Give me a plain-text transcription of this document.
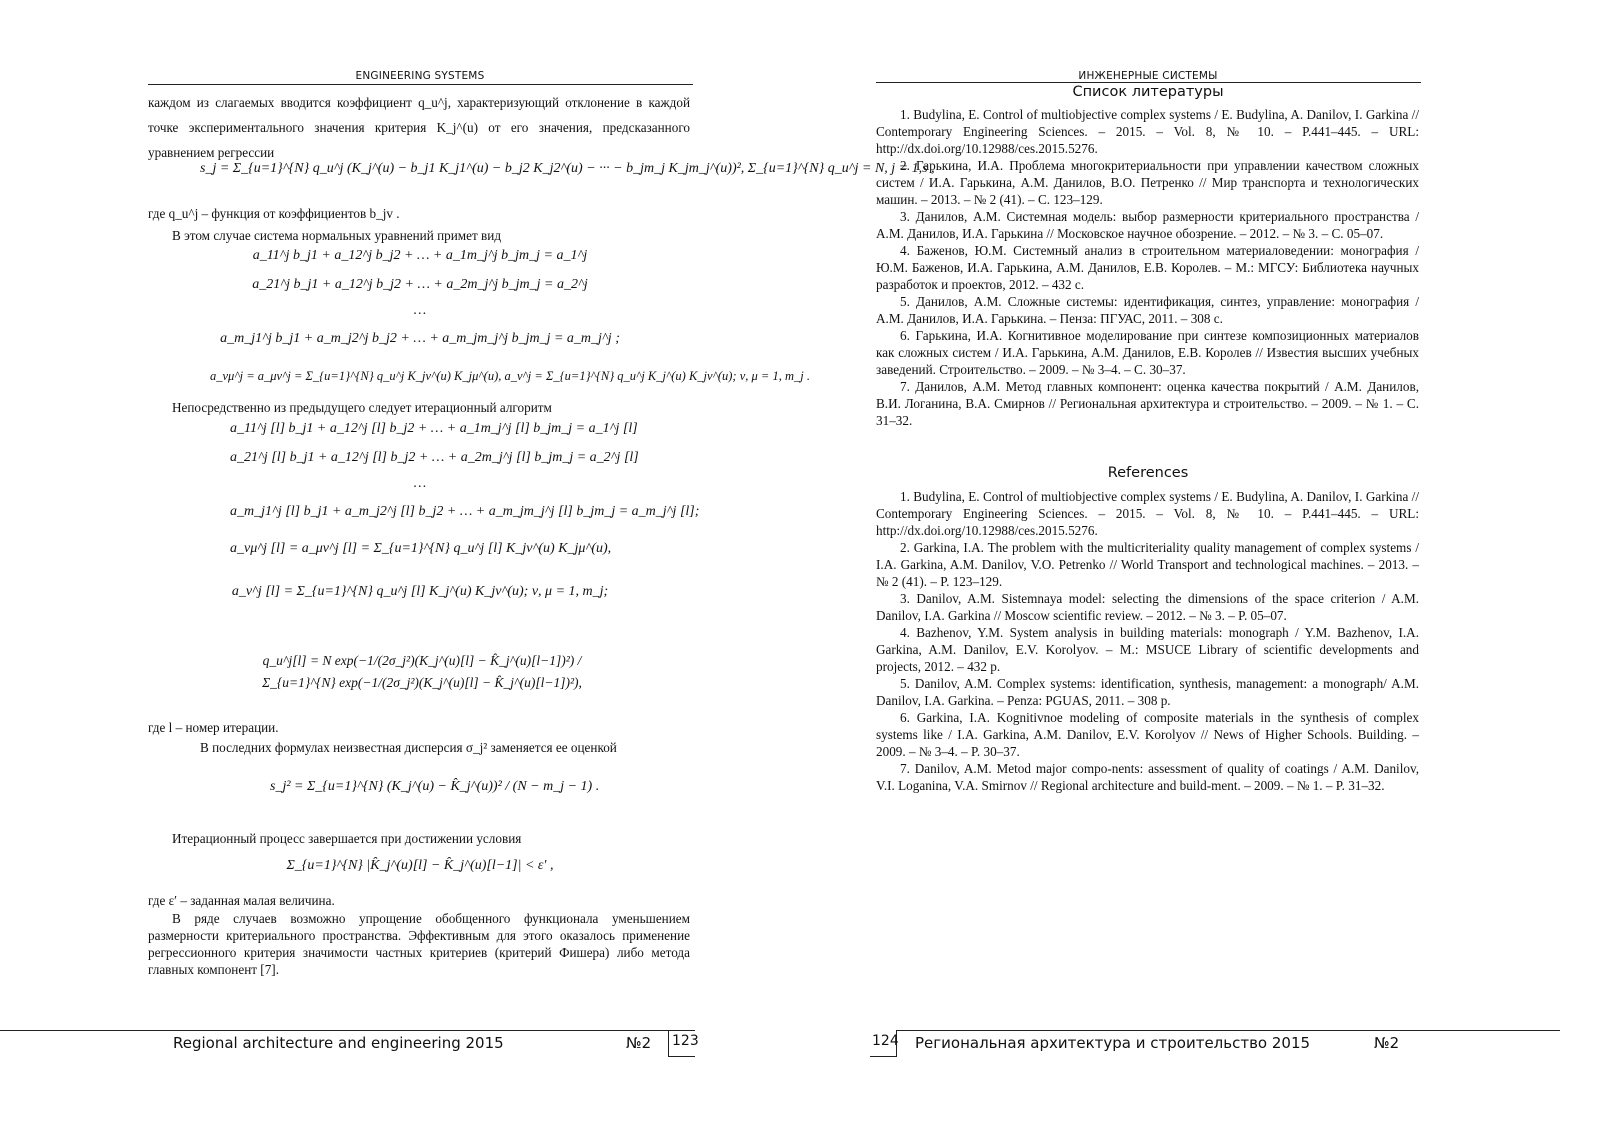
ENGINEERING SYSTEMS
каждом из слагаемых вводится коэффициент q_u^j, характеризующий отклонение в каждой точке экспериментального значения критерия K_j^(u) от его значения, предсказанного уравнением регрессии
s_j = Σ_{u=1}^{N} q_u^j (K_j^(u) − b_j1 K_j1^(u) − b_j2 K_j2^(u) − ··· − b_jm_j K_jm_j^(u))², Σ_{u=1}^{N} q_u^j = N, j = 1,s ,
где q_u^j – функция от коэффициентов b_jv .
В этом случае система нормальных уравнений примет вид
a_11^j b_j1 + a_12^j b_j2 + … + a_1m_j^j b_jm_j = a_1^j
a_21^j b_j1 + a_12^j b_j2 + … + a_2m_j^j b_jm_j = a_2^j
…
a_m_j1^j b_j1 + a_m_j2^j b_j2 + … + a_m_jm_j^j b_jm_j = a_m_j^j ;
a_νμ^j = a_μν^j = Σ_{u=1}^{N} q_u^j K_jν^(u) K_jμ^(u), a_ν^j = Σ_{u=1}^{N} q_u^j K_j^(u) K_jν^(u); ν, μ = 1, m_j .
Непосредственно из предыдущего следует итерационный алгоритм
a_11^j [l] b_j1 + a_12^j [l] b_j2 + … + a_1m_j^j [l] b_jm_j = a_1^j [l]
a_21^j [l] b_j1 + a_12^j [l] b_j2 + … + a_2m_j^j [l] b_jm_j = a_2^j [l]
…
a_m_j1^j [l] b_j1 + a_m_j2^j [l] b_j2 + … + a_m_jm_j^j [l] b_jm_j = a_m_j^j [l];
a_νμ^j [l] = a_μν^j [l] = Σ_{u=1}^{N} q_u^j [l] K_jν^(u) K_jμ^(u),
a_ν^j [l] = Σ_{u=1}^{N} q_u^j [l] K_j^(u) K_jν^(u); ν, μ = 1, m_j;
q_u^j[l] = N exp(−1/(2σ_j²)(K_j^(u)[l] − K̂_j^(u)[l−1])²) / Σ_{u=1}^{N} exp(−1/(2σ_j²)(K_j^(u)[l] − K̂_j^(u)[l−1])²),
где l – номер итерации.
В последних формулах неизвестная дисперсия σ_j² заменяется ее оценкой
s_j² = Σ_{u=1}^{N} (K_j^(u) − K̂_j^(u))² / (N − m_j − 1) .
Итерационный процесс завершается при достижении условия
Σ_{u=1}^{N} |K̂_j^(u)[l] − K̂_j^(u)[l−1]| < ε′ ,
где ε′ – заданная малая величина.
В ряде случаев возможно упрощение обобщенного функционала уменьшением размерности критериального пространства. Эффективным для этого оказалось применение регрессионного критерия значимости частных критериев (критерий Фишера) либо метода главных компонент [7].
Regional architecture and engineering 2015	№2 123
ИНЖЕНЕРНЫЕ СИСТЕМЫ
Список литературы

1. Budylina, E. Control of multiobjective complex systems / E. Budylina, A. Danilov, I. Garkina // Contemporary Engineering Sciences. – 2015. – Vol. 8, № 10. – P.441–445. – URL: http://dx.doi.org/10.12988/ces.2015.5276.

2. Гарькина, И.А. Проблема многокритериальности при управлении качеством сложных систем / И.А. Гарькина, А.М. Данилов, В.О. Петренко // Мир транспорта и технологических машин. – 2013. – № 2 (41). – С. 123–129.

3. Данилов, А.М. Системная модель: выбор размерности критериального пространства / А.М. Данилов, И.А. Гарькина // Московское научное обозрение. – 2012. – № 3. – С. 05–07.

4. Баженов, Ю.М. Системный анализ в строительном материаловедении: монография / Ю.М. Баженов, И.А. Гарькина, А.М. Данилов, Е.В. Королев. – М.: МГСУ: Библиотека научных разработок и проектов, 2012. – 432 с.

5. Данилов, А.М. Сложные системы: идентификация, синтез, управление: монография / А.М. Данилов, И.А. Гарькина. – Пенза: ПГУАС, 2011. – 308 с.

6. Гарькина, И.А. Когнитивное моделирование при синтезе композиционных материалов как сложных систем / И.А. Гарькина, А.М. Данилов, Е.В. Королев // Известия высших учебных заведений. Строительство. – 2009. – № 3–4. – С. 30–37.

7. Данилов, А.М. Метод главных компонент: оценка качества покрытий / А.М. Данилов, В.И. Логанина, В.А. Смирнов // Региональная архитектура и строительство. – 2009. – № 1. – С. 31–32.

References

1. Budylina, E. Control of multiobjective complex systems / E. Budylina, A. Danilov, I. Garkina // Contemporary Engineering Sciences. – 2015. – Vol. 8, № 10. – P.441–445. – URL: http://dx.doi.org/10.12988/ces.2015.5276.

2. Garkina, I.A. The problem with the multicriteriality quality management of complex systems / I.A. Garkina, A.M. Danilov, V.O. Petrenko // World Transport and technological machines. – 2013. – № 2 (41). – P. 123–129.

3. Danilov, A.M. Sistemnaya model: selecting the dimensions of the space criterion / A.M. Danilov, I.A. Garkina // Moscow scientific review. – 2012. – № 3. – P. 05–07.

4. Bazhenov, Y.M. System analysis in building materials: monograph / Y.M. Bazhenov, I.A. Garkina, A.M. Danilov, E.V. Korolyov. – M.: MSUCE Library of scientific developments and projects, 2012. – 432 p.

5. Danilov, A.M. Complex systems: identification, synthesis, management: a monograph/ A.M. Danilov, I.A. Garkina. – Penza: PGUAS, 2011. – 308 p.

6. Garkina, I.A. Kognitivnoe modeling of composite materials in the synthesis of complex systems like / I.A. Garkina, A.M. Danilov, E.V. Korolyov // News of Higher Schools. Building. – 2009. – № 3–4. – P. 30–37.

7. Danilov, A.M. Metod major compo-nents: assessment of quality of coatings / A.M. Danilov, V.I. Loganina, V.A. Smirnov // Regional architecture and build-ment. – 2009. – № 1. – P. 31–32.

124 Региональная архитектура и строительство 2015	№2
